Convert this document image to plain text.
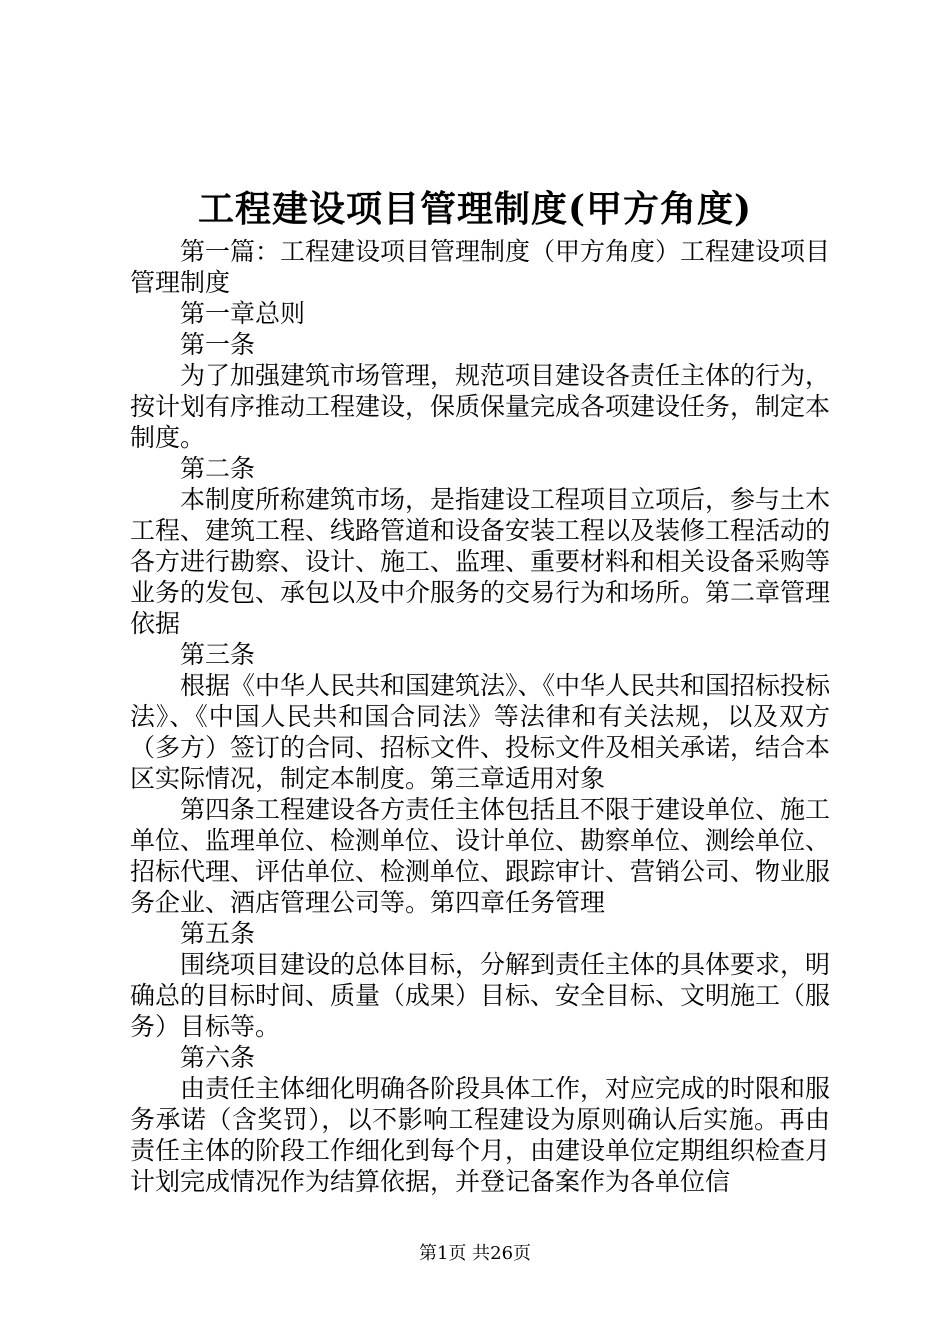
工程建设项目管理制度(甲方角度)

第一篇：工程建设项目管理制度（甲方角度）工程建设项目管理制度

第一章总则

第一条

为了加强建筑市场管理，规范项目建设各责任主体的行为，按计划有序推动工程建设，保质保量完成各项建设任务，制定本制度。

第二条

本制度所称建筑市场，是指建设工程项目立项后，参与土木工程、建筑工程、线路管道和设备安装工程以及装修工程活动的各方进行勘察、设计、施工、监理、重要材料和相关设备采购等业务的发包、承包以及中介服务的交易行为和场所。第二章管理依据

第三条

根据《中华人民共和国建筑法》、《中华人民共和国招标投标法》、《中国人民共和国合同法》等法律和有关法规，以及双方（多方）签订的合同、招标文件、投标文件及相关承诺，结合本区实际情况，制定本制度。第三章适用对象

第四条工程建设各方责任主体包括且不限于建设单位、施工单位、监理单位、检测单位、设计单位、勘察单位、测绘单位、招标代理、评估单位、检测单位、跟踪审计、营销公司、物业服务企业、酒店管理公司等。第四章任务管理

第五条

围绕项目建设的总体目标，分解到责任主体的具体要求，明确总的目标时间、质量（成果）目标、安全目标、文明施工（服务）目标等。

第六条

由责任主体细化明确各阶段具体工作，对应完成的时限和服务承诺（含奖罚），以不影响工程建设为原则确认后实施。再由责任主体的阶段工作细化到每个月，由建设单位定期组织检查月计划完成情况作为结算依据，并登记备案作为各单位信

第1页 共26页
